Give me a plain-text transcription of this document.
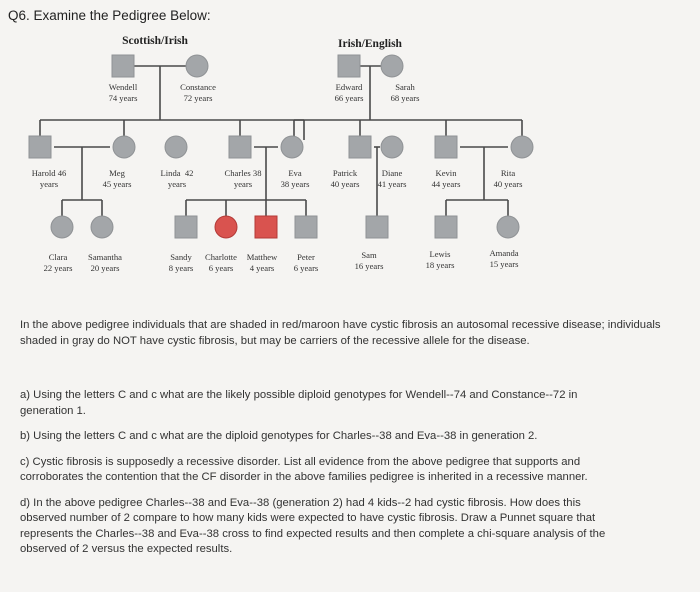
Q6. Examine the Pedigree Below:
Scottish/Irish	Irish/English
Wendell
74 years
Constance
72 years
Edward
66 years
Sarah
68 years
Harold 46
years
Meg
45 years
Linda  42
years
Charles 38
years
Eva
38 years
Patrick
40 years
Diane
41 years
Kevin
44 years
Rita
40 years
Clara
22 years
Samantha
20 years
Sandy
8 years
Charlotte
6 years
Matthew
4 years
Peter
6 years
Sam
16 years
Lewis
18 years
Amanda
15 years
In the above pedigree individuals that are shaded in red/maroon have cystic fibrosis an autosomal recessive disease; individuals shaded in gray do NOT have cystic fibrosis, but may be carriers of the recessive allele for the disease.

a) Using the letters C and c what are the likely possible diploid genotypes for Wendell--74 and Constance--72 in generation 1.

b) Using the letters C and c what are the diploid genotypes for Charles--38 and Eva--38 in generation 2.

c) Cystic fibrosis is supposedly a recessive disorder. List all evidence from the above pedigree that supports and corroborates the contention that the CF disorder in the above families pedigree is inherited in a recessive manner.

d) In the above pedigree Charles--38 and Eva--38 (generation 2) had 4 kids--2 had cystic fibrosis. How does this observed number of 2 compare to how many kids were expected to have cystic fibrosis. Draw a Punnet square that represents the Charles--38 and Eva--38 cross to find expected results and then complete a chi-square analysis of the observed of 2 versus the expected results.
